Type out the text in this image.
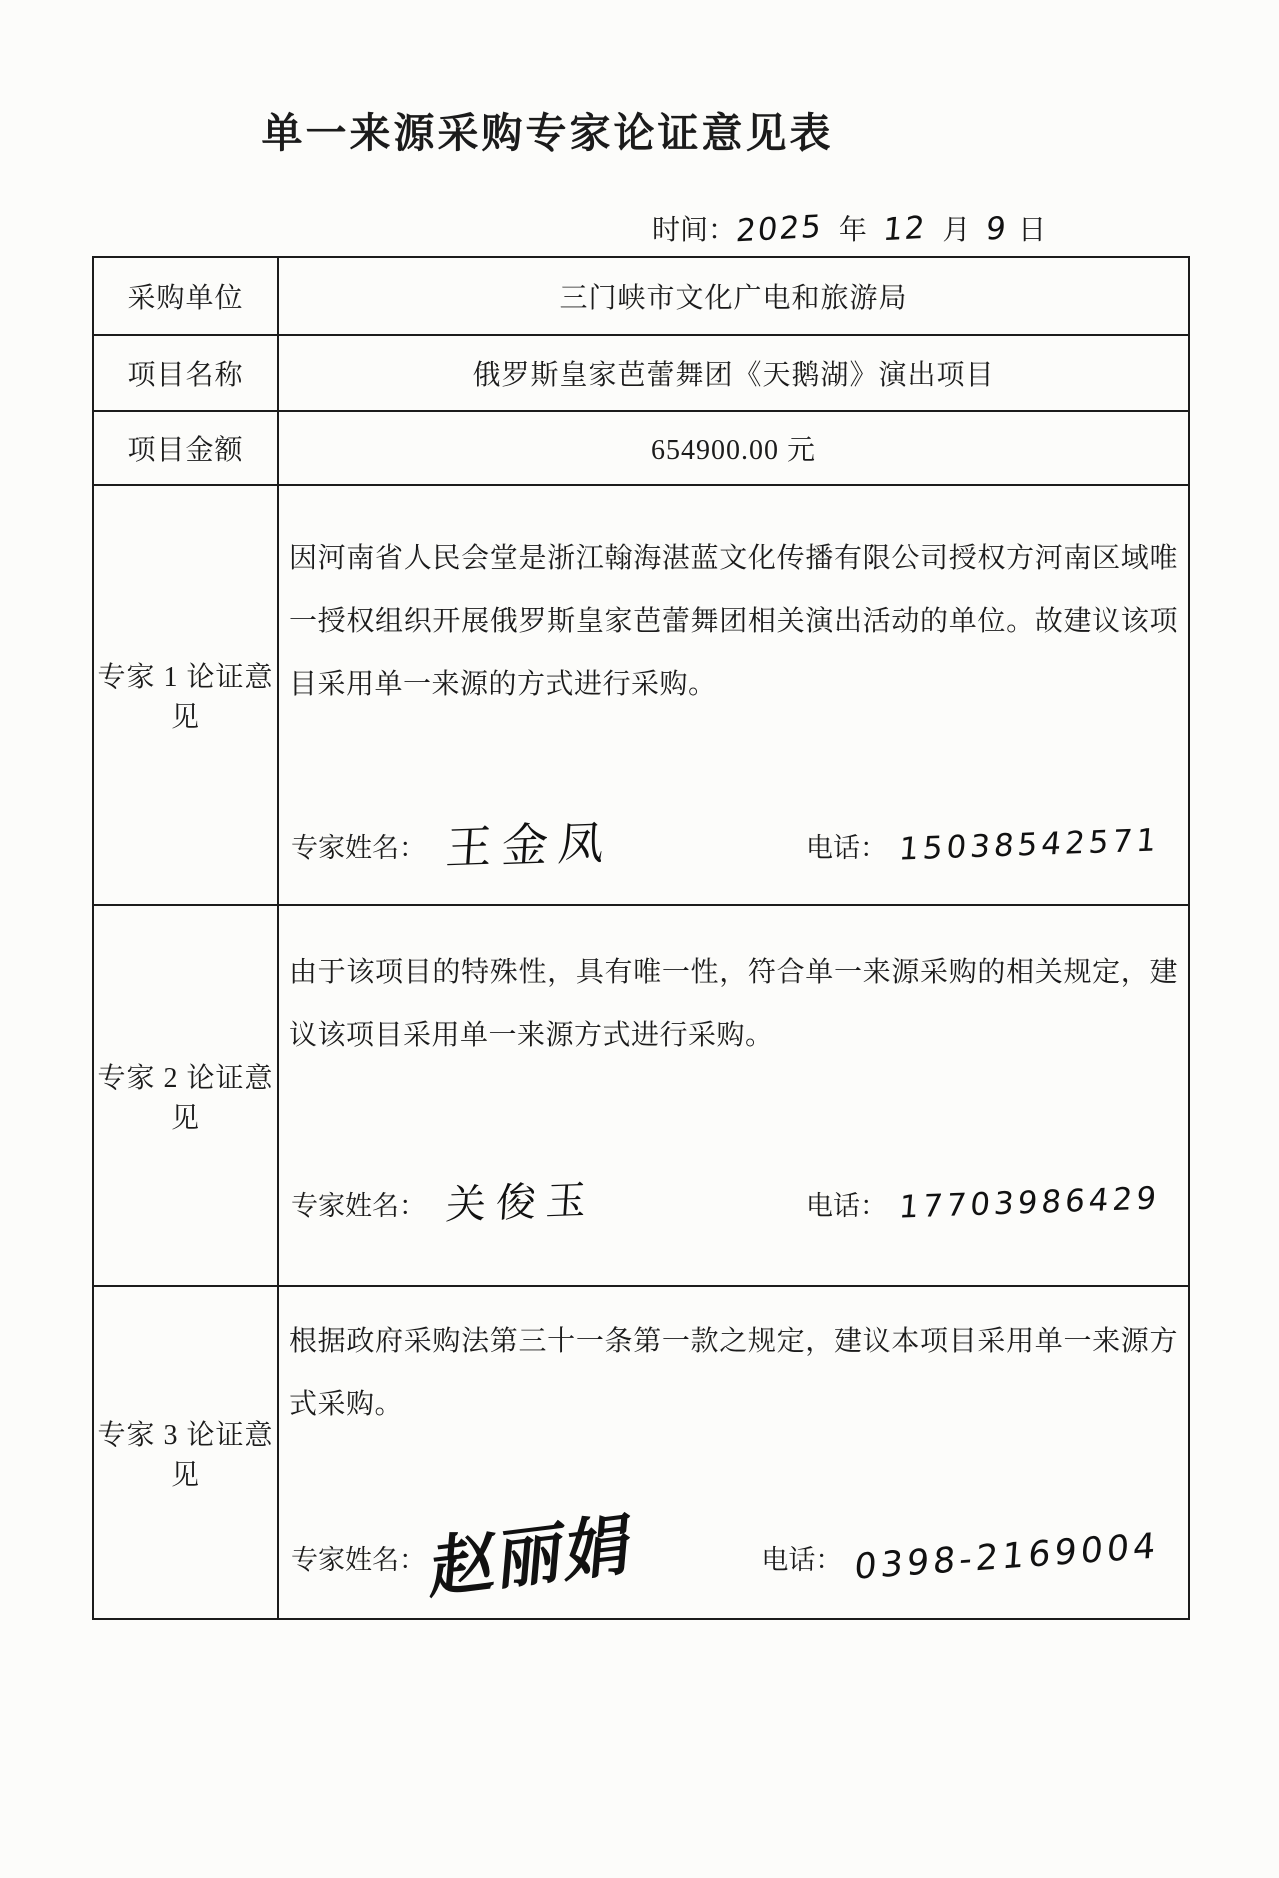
单一来源采购专家论证意见表
时间：
2025 年 12 月 9 日
采购单位	三门峡市文化广电和旅游局
项目名称	俄罗斯皇家芭蕾舞团《天鹅湖》演出项目
项目金额	654900.00 元
专家 1 论证意见	因河南省人民会堂是浙江翰海湛蓝文化传播有限公司授权方河南区域唯一授权组织开展俄罗斯皇家芭蕾舞团相关演出活动的单位。故建议该项目采用单一来源的方式进行采购。

专家姓名： 王金凤 电话： 15038542571

专家 2 论证意见	由于该项目的特殊性，具有唯一性，符合单一来源采购的相关规定，建议该项目采用单一来源方式进行采购。

专家姓名： 关俊玉 电话： 17703986429

专家 3 论证意见	根据政府采购法第三十一条第一款之规定，建议本项目采用单一来源方式采购。

专家姓名： 赵丽娟 电话： 0398-2169004
